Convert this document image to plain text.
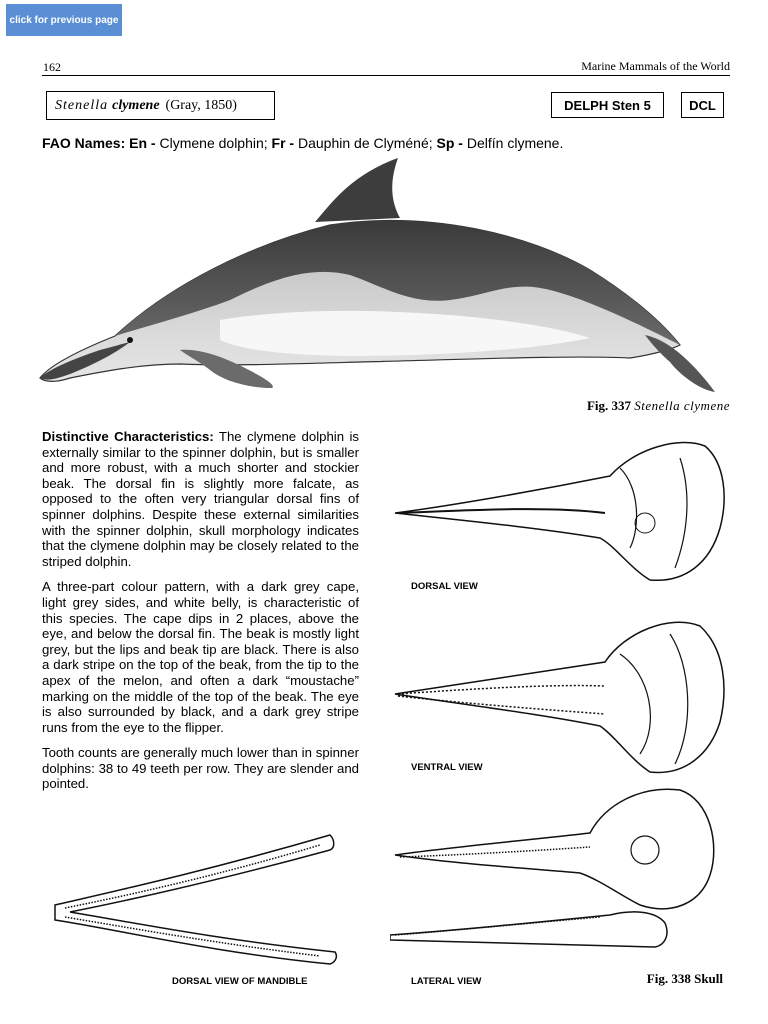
click for previous page
162	Marine Mammals of the World
Stenella clymene (Gray, 1850)	DELPH Sten 5	DCL
FAO Names: En - Clymene dolphin; Fr - Dauphin de Clyméné; Sp - Delfín clymene.
Fig. 337 Stenella clymene

Distinctive Characteristics: The clymene dolphin is externally similar to the spinner dolphin, but is smaller and more robust, with a much shorter and stockier beak. The dorsal fin is slightly more falcate, as opposed to the often very triangular dorsal fins of spinner dolphins. Despite these external similarities with the spinner dolphin, skull morphology indicates that the clymene dolphin may be closely related to the striped dolphin.

A three-part colour pattern, with a dark grey cape, light grey sides, and white belly, is characteristic of this species. The cape dips in 2 places, above the eye, and below the dorsal fin. The beak is mostly light grey, but the lips and beak tip are black. There is also a dark stripe on the top of the beak, from the tip to the apex of the melon, and often a dark “moustache” marking on the middle of the top of the beak. The eye is also surrounded by black, and a dark grey stripe runs from the eye to the flipper.

Tooth counts are generally much lower than in spinner dolphins: 38 to 49 teeth per row. They are slender and pointed.

DORSAL VIEW
VENTRAL VIEW
LATERAL VIEW
DORSAL VIEW OF MANDIBLE	Fig. 338 Skull
